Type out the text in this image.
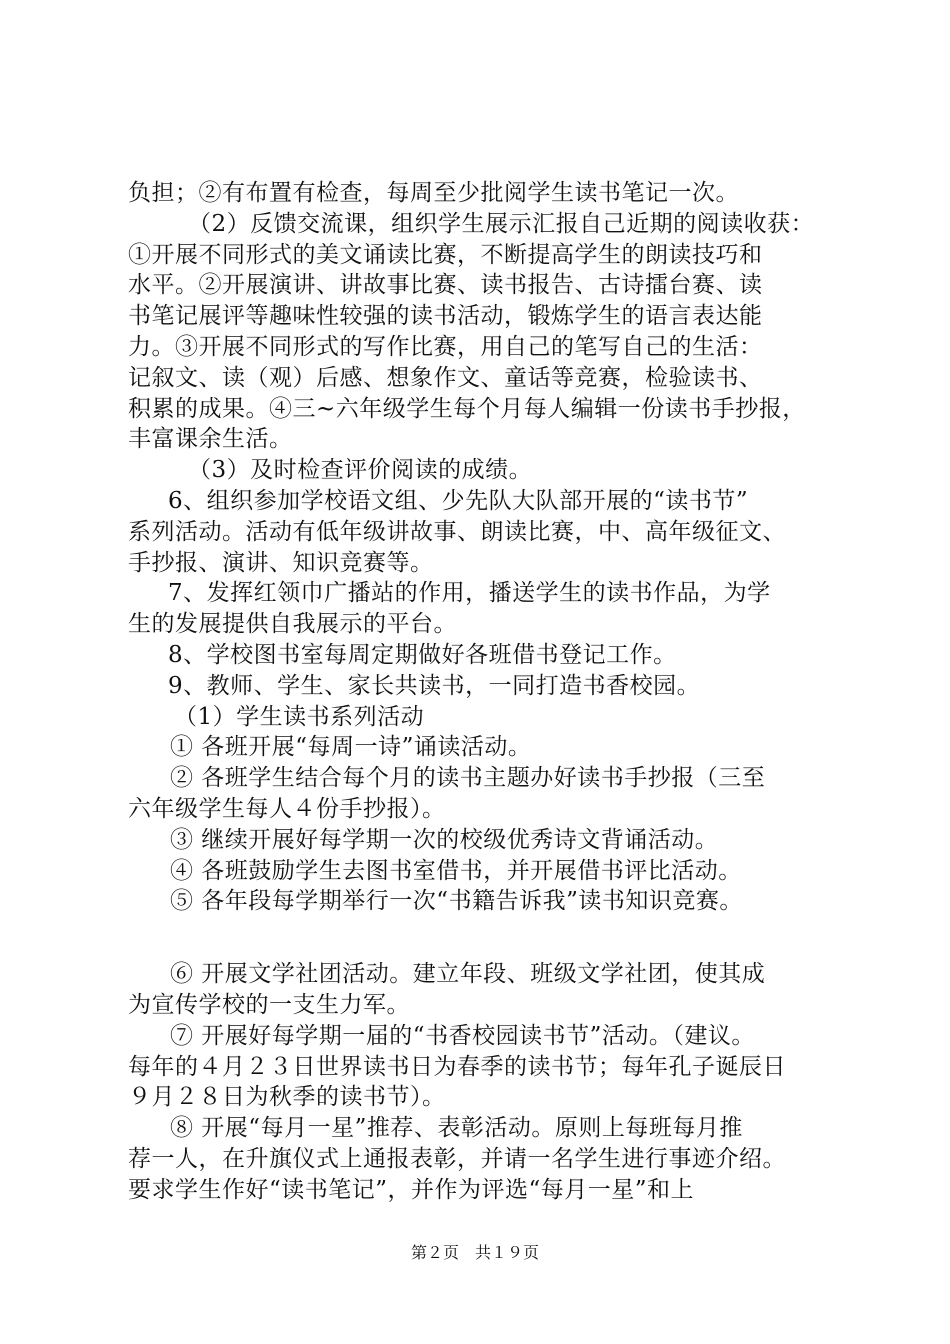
负担；②有布置有检查，每周至少批阅学生读书笔记一次。
（2）反馈交流课，组织学生展示汇报自己近期的阅读收获：
①开展不同形式的美文诵读比赛，不断提高学生的朗读技巧和
水平。②开展演讲、讲故事比赛、读书报告、古诗擂台赛、读
书笔记展评等趣味性较强的读书活动，锻炼学生的语言表达能
力。③开展不同形式的写作比赛，用自己的笔写自己的生活：
记叙文、读（观）后感、想象作文、童话等竞赛，检验读书、
积累的成果。④三~六年级学生每个月每人编辑一份读书手抄报，
丰富课余生活。
（3）及时检查评价阅读的成绩。
6、组织参加学校语文组、少先队大队部开展的“读书节”
系列活动。活动有低年级讲故事、朗读比赛，中、高年级征文、
手抄报、演讲、知识竞赛等。
7、发挥红领巾广播站的作用，播送学生的读书作品，为学
生的发展提供自我展示的平台。
8、学校图书室每周定期做好各班借书登记工作。
9、教师、学生、家长共读书，一同打造书香校园。
（1）学生读书系列活动
① 各班开展“每周一诗”诵读活动。
② 各班学生结合每个月的读书主题办好读书手抄报（三至
六年级学生每人４份手抄报）。
③ 继续开展好每学期一次的校级优秀诗文背诵活动。
④ 各班鼓励学生去图书室借书，并开展借书评比活动。
⑤ 各年段每学期举行一次“书籍告诉我”读书知识竞赛。
⑥ 开展文学社团活动。建立年段、班级文学社团，使其成
为宣传学校的一支生力军。
⑦ 开展好每学期一届的“书香校园读书节”活动。（建议。
每年的４月２３日世界读书日为春季的读书节；每年孔子诞辰日
９月２８日为秋季的读书节）。
⑧ 开展“每月一星”推荐、表彰活动。原则上每班每月推
荐一人，在升旗仪式上通报表彰，并请一名学生进行事迹介绍。
要求学生作好“读书笔记”，并作为评选“每月一星”和上
第２页　共１９页
